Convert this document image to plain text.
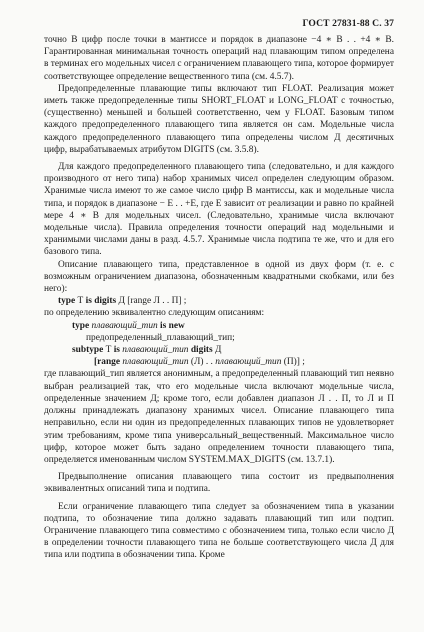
ГОСТ 27831-88 С. 37

точно В цифр после точки в мантиссе и порядок в диапазоне −4 ∗ В . . +4 ∗ В. Гарантированная минимальная точность операций над плавающим типом определена в терминах его модельных чисел с ограничением плавающего типа, которое формирует соответствующее определение вещественного типа (см. 4.5.7).

Предопределенные плавающие типы включают тип FLOAT. Реализация может иметь также предопределенные типы SHORT_FLOAT и LONG_FLOAT с точностью, (существенно) меньшей и большей соответственно, чем у FLOAT. Базовым типом каждого предопределенного плавающего типа является он сам. Модельные числа каждого предопределенного плавающего типа определены числом Д десятичных цифр, вырабатываемых атрибутом DIGITS (см. 3.5.8).

Для каждого предопределенного плавающего типа (следовательно, и для каждого производного от него типа) набор хранимых чисел определен следующим образом. Хранимые числа имеют то же самое число цифр В мантиссы, как и модельные числа типа, и порядок в диапазоне − Е . . +Е, где Е зависит от реализации и равно по крайней мере 4 ∗ В для модельных чисел. (Следовательно, хранимые числа включают модельные числа). Правила определения точности операций над модельными и хранимыми числами даны в разд. 4.5.7. Хранимые числа подтипа те же, что и для его базового типа.

Описание плавающего типа, представленное в одной из двух форм (т. е. с возможным ограничением диапазона, обозначенным квадратными скобками, или без него):

type Т is digits Д [range Л . . П] ;

по определению эквивалентно следующим описаниям:

type плавающий_тип is new
предопределенный_плавающий_тип;
subtype Т is плавающий_тип digits Д
[range плавающий_тип (Л) . . плавающий_тип (П)] ;

где плавающий_тип является анонимным, а предопределенный плавающий тип неявно выбран реализацией так, что его модельные числа включают модельные числа, определенные значением Д; кроме того, если добавлен диапазон Л . . П, то Л и П должны принадлежать диапазону хранимых чисел. Описание плавающего типа неправильно, если ни один из предопределенных плавающих типов не удовлетворяет этим требованиям, кроме типа универсальный_вещественный. Максимальное число цифр, которое может быть задано определением точности плавающего типа, определяется именованным числом SYSTEM.MAX_DIGITS (см. 13.7.1).

Предвыполнение описания плавающего типа состоит из предвыполнения эквивалентных описаний типа и подтипа.

Если ограничение плавающего типа следует за обозначением типа в указании подтипа, то обозначение типа должно задавать плавающий тип или подтип. Ограничение плавающего типа совместимо с обозначением типа, только если число Д в определении точности плавающего типа не больше соответствующего числа Д для типа или подтипа в обозначении типа. Кроме
